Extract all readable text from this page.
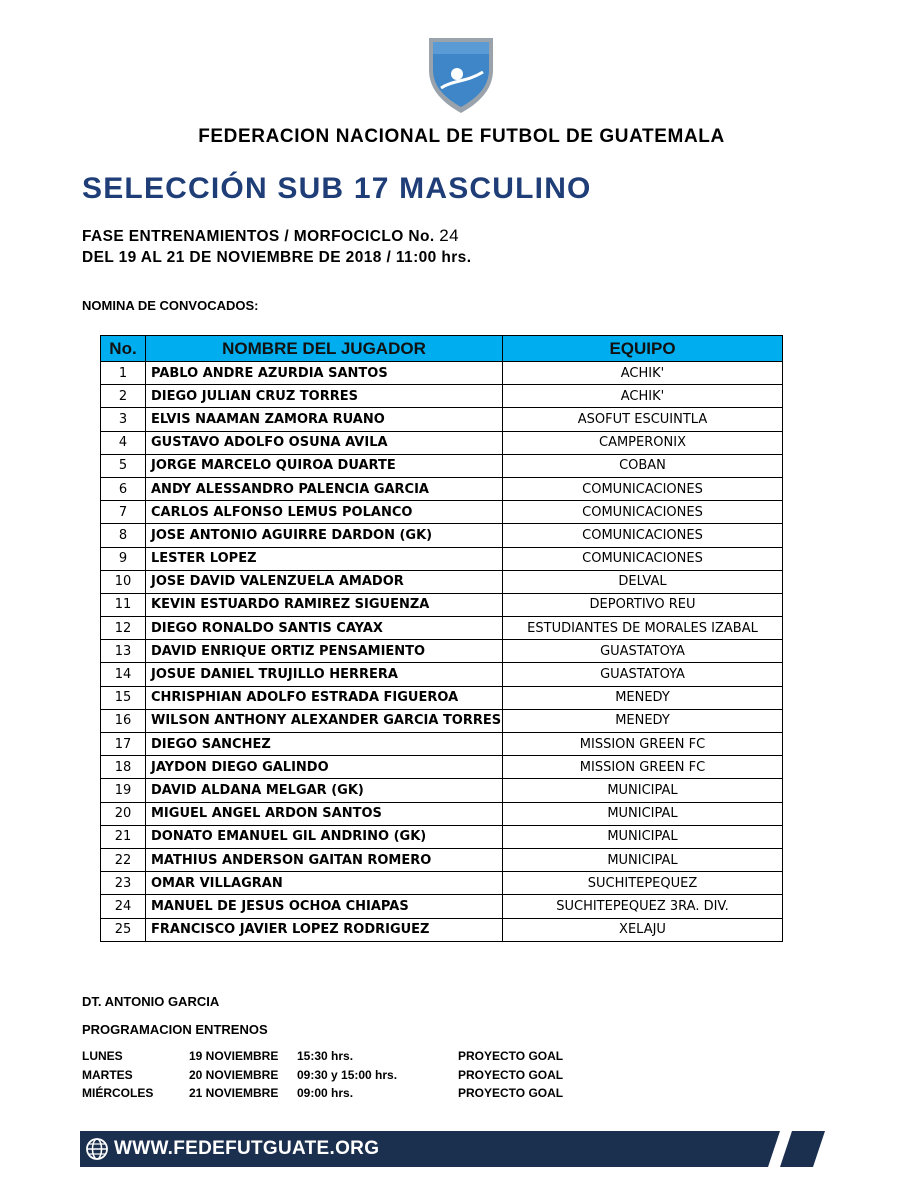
FEDERACION NACIONAL DE FUTBOL DE GUATEMALA
SELECCIÓN SUB 17 MASCULINO
FASE ENTRENAMIENTOS / MORFOCICLO No. 24
DEL 19 AL 21 DE NOVIEMBRE DE 2018 / 11:00 hrs.
NOMINA DE CONVOCADOS:
No.	NOMBRE DEL JUGADOR	EQUIPO
1	PABLO ANDRE AZURDIA SANTOS	ACHIK'
2	DIEGO JULIAN CRUZ TORRES	ACHIK'
3	ELVIS NAAMAN ZAMORA RUANO	ASOFUT ESCUINTLA
4	GUSTAVO ADOLFO OSUNA AVILA	CAMPERONIX
5	JORGE MARCELO QUIROA DUARTE	COBAN
6	ANDY ALESSANDRO PALENCIA GARCIA	COMUNICACIONES
7	CARLOS ALFONSO LEMUS POLANCO	COMUNICACIONES
8	JOSE ANTONIO AGUIRRE DARDON (GK)	COMUNICACIONES
9	LESTER LOPEZ	COMUNICACIONES
10	JOSE DAVID VALENZUELA AMADOR	DELVAL
11	KEVIN ESTUARDO RAMIREZ SIGUENZA	DEPORTIVO REU
12	DIEGO RONALDO SANTIS CAYAX	ESTUDIANTES DE MORALES IZABAL
13	DAVID ENRIQUE ORTIZ PENSAMIENTO	GUASTATOYA
14	JOSUE DANIEL TRUJILLO HERRERA	GUASTATOYA
15	CHRISPHIAN ADOLFO ESTRADA FIGUEROA	MENEDY
16	WILSON ANTHONY ALEXANDER GARCIA TORRES	MENEDY
17	DIEGO SANCHEZ	MISSION GREEN FC
18	JAYDON DIEGO GALINDO	MISSION GREEN FC
19	DAVID ALDANA MELGAR (GK)	MUNICIPAL
20	MIGUEL ANGEL ARDON SANTOS	MUNICIPAL
21	DONATO EMANUEL GIL ANDRINO (GK)	MUNICIPAL
22	MATHIUS ANDERSON GAITAN ROMERO	MUNICIPAL
23	OMAR VILLAGRAN	SUCHITEPEQUEZ
24	MANUEL DE JESUS OCHOA CHIAPAS	SUCHITEPEQUEZ 3RA. DIV.
25	FRANCISCO JAVIER LOPEZ RODRIGUEZ	XELAJU
DT. ANTONIO GARCIA
PROGRAMACION ENTRENOS
LUNES	19 NOVIEMBRE 15:30 hrs.	PROYECTO GOAL
MARTES	20 NOVIEMBRE 09:30 y 15:00 hrs.	PROYECTO GOAL
MIÉRCOLES	21 NOVIEMBRE 09:00 hrs.	PROYECTO GOAL
WWW.FEDEFUTGUATE.ORG
